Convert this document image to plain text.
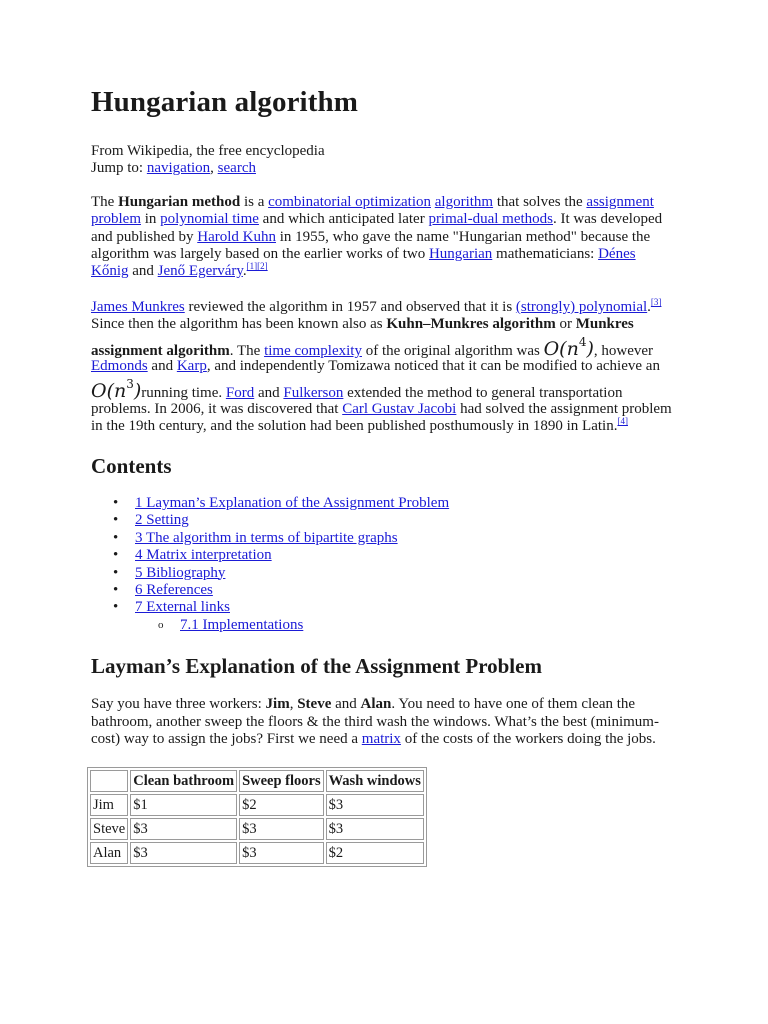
Hungarian algorithm
From Wikipedia, the free encyclopedia
Jump to: navigation, search
The Hungarian method is a combinatorial optimization algorithm that solves the assignment
problem in polynomial time and which anticipated later primal-dual methods. It was developed
and published by Harold Kuhn in 1955, who gave the name "Hungarian method" because the
algorithm was largely based on the earlier works of two Hungarian mathematicians: Dénes
Kőnig and Jenő Egerváry.[1][2]
James Munkres reviewed the algorithm in 1957 and observed that it is (strongly) polynomial.[3]
Since then the algorithm has been known also as Kuhn–Munkres algorithm or Munkres
assignment algorithm. The time complexity of the original algorithm was $O(n^4)$, however
Edmonds and Karp, and independently Tomizawa noticed that it can be modified to achieve an
$O(n^3)running$ time. Ford and Fulkerson extended the method to general transportation
problems. In 2006, it was discovered that Carl Gustav Jacobi had solved the assignment problem
in the 19th century, and the solution had been published posthumously in 1890 in Latin.[4]
Contents
• 1 Layman’s Explanation of the Assignment Problem
• 2 Setting
• 3 The algorithm in terms of bipartite graphs
• 4 Matrix interpretation
• 5 Bibliography
• 6 References
• 7 External links
o 7.1 Implementations
Layman’s Explanation of the Assignment Problem
Say you have three workers: Jim, Steve and Alan. You need to have one of them clean the
bathroom, another sweep the floors & the third wash the windows. What’s the best (minimum-
cost) way to assign the jobs? First we need a matrix of the costs of the workers doing the jobs.
	Clean bathroom	Sweep floors	Wash windows
Jim	$1	$2	$3
Steve	$3	$3	$3
Alan	$3	$3	$2
